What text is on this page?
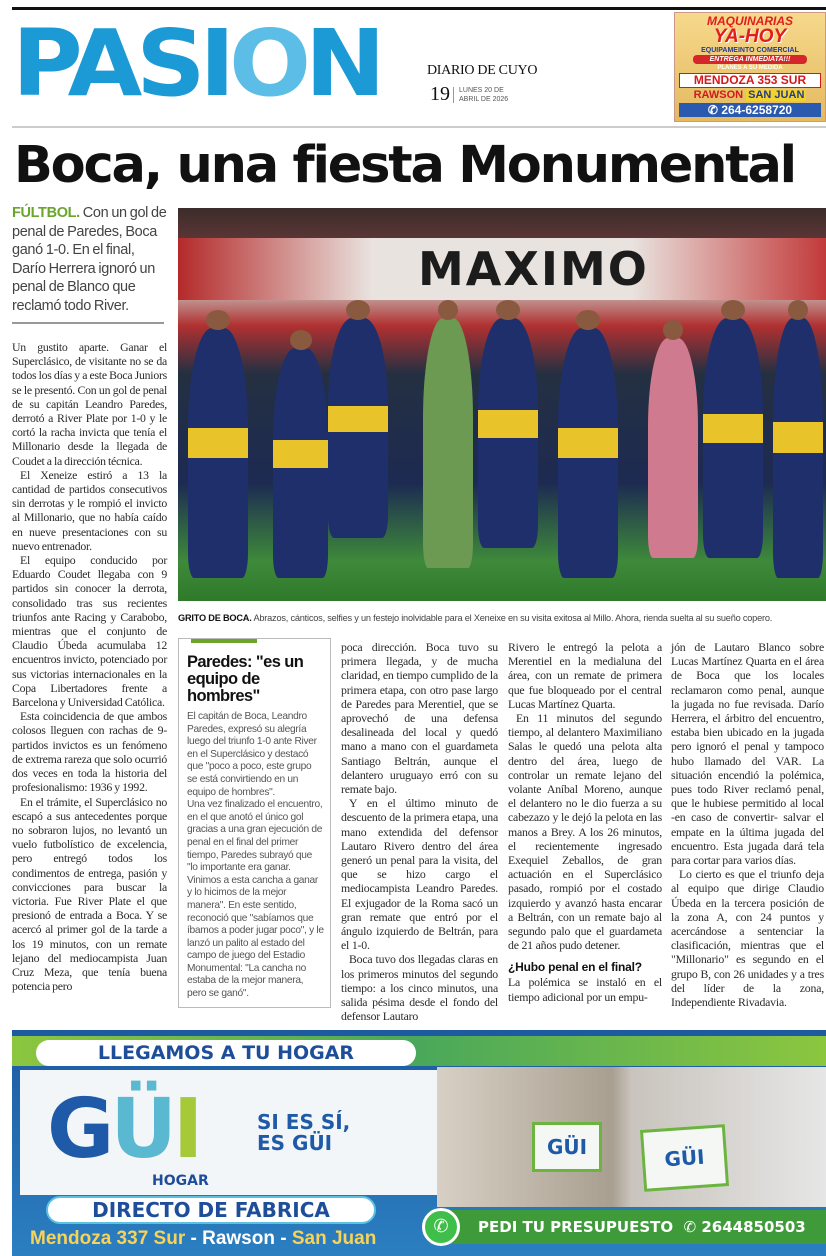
PASION	DIARIO DE CUYO
19 LUNES 20 DE ABRIL DE 2026
MAQUINARIAS
YA-HOY
EQUIPAMEINTO COMERCIAL
ENTREGA INMEDIATA!!!
PLANES A SU MEDIDA
MENDOZA 353 SUR
RAWSON SAN JUAN
✆ 264-6258720
Boca, una fiesta Monumental
FÚLTBOL. Con un gol de penal de Paredes, Boca ganó 1-0. En el final, Darío Herrera ignoró un penal de Blanco que reclamó todo River.

Un gustito aparte. Ganar el Superclásico, de visitante no se da todos los días y a este Boca Juniors se le presentó. Con un gol de penal de su capitán Leandro Paredes, derrotó a River Plate por 1-0 y le cortó la racha invicta que tenía el Millonario desde la llegada de Coudet a la dirección técnica.

El Xeneize estiró a 13 la cantidad de partidos consecutivos sin derrotas y le rompió el invicto al Millonario, que no había caído en nueve presentaciones con su nuevo entrenador.

El equipo conducido por Eduardo Coudet llegaba con 9 partidos sin conocer la derrota, consolidado tras sus recientes triunfos ante Racing y Carabobo, mientras que el conjunto de Claudio Úbeda acumulaba 12 encuentros invicto, potenciado por sus victorias internacionales en la Copa Libertadores frente a Barcelona y Universidad Católica.

Esta coincidencia de que ambos colosos lleguen con rachas de 9- partidos invictos es un fenómeno de extrema rareza que solo ocurrió dos veces en toda la historia del profesionalismo: 1936 y 1992.

En el trámite, el Superclásico no escapó a sus antecedentes porque no sobraron lujos, no levantó un vuelo futbolístico de excelencia, pero entregó todos los condimentos de entrega, pasión y convicciones para buscar la victoria. Fue River Plate el que presionó de entrada a Boca. Y se acercó al primer gol de la tarde a los 19 minutos, con un remate lejano del mediocampista Juan Cruz Meza, que tenía buena potencia pero

MAXIMO
GRITO DE BOCA. Abrazos, cánticos, selfies y un festejo inolvidable para el Xeneixe en su visita exitosa al Millo. Ahora, rienda suelta al su sueño copero.
Paredes: "es un equipo de hombres"
El capitán de Boca, Leandro Paredes, expresó su alegría luego del triunfo 1-0 ante River en el Superclásico y destacó que "poco a poco, este grupo se está convirtiendo en un equipo de hombres".
Una vez finalizado el encuentro, en el que anotó el único gol gracias a una gran ejecución de penal en el final del primer tiempo, Paredes subrayó que "lo importante era ganar. Vinimos a esta cancha a ganar y lo hicimos de la mejor manera". En este sentido, reconoció que "sabíamos que íbamos a poder jugar poco", y le lanzó un palito al estado del campo de juego del Estadio Monumental: "La cancha no estaba de la mejor manera, pero se ganó".

poca dirección. Boca tuvo su primera llegada, y de mucha claridad, en tiempo cumplido de la primera etapa, con otro pase largo de Paredes para Merentiel, que se aprovechó de una defensa desalineada del local y quedó mano a mano con el guardameta Santiago Beltrán, aunque el delantero uruguayo erró con su remate bajo.

Y en el último minuto de descuento de la primera etapa, una mano extendida del defensor Lautaro Rivero dentro del área generó un penal para la visita, del que se hizo cargo el mediocampista Leandro Paredes. El exjugador de la Roma sacó un gran remate que entró por el ángulo izquierdo de Beltrán, para el 1-0.

Boca tuvo dos llegadas claras en los primeros minutos del segundo tiempo: a los cinco minutos, una salida pésima desde el fondo del defensor Lautaro

Rivero le entregó la pelota a Merentiel en la medialuna del área, con un remate de primera que fue bloqueado por el central Lucas Martínez Quarta.

En 11 minutos del segundo tiempo, al delantero Maximiliano Salas le quedó una pelota alta dentro del área, luego de controlar un remate lejano del volante Aníbal Moreno, aunque el delantero no le dio fuerza a su cabezazo y le dejó la pelota en las manos a Brey. A los 26 minutos, el recientemente ingresado Exequiel Zeballos, de gran actuación en el Superclásico pasado, rompió por el costado izquierdo y avanzó hasta encarar a Beltrán, con un remate bajo al segundo palo que el guardameta de 21 años pudo detener.

¿Hubo penal en el final?

La polémica se instaló en el tiempo adicional por un empu-

jón de Lautaro Blanco sobre Lucas Martínez Quarta en el área de Boca que los locales reclamaron como penal, aunque la jugada no fue revisada. Darío Herrera, el árbitro del encuentro, estaba bien ubicado en la jugada pero ignoró el penal y tampoco hubo llamado del VAR. La situación encendió la polémica, pues todo River reclamó penal, que le hubiese permitido al local -en caso de convertir- salvar el empate en la última jugada del encuentro. Esta jugada dará tela para cortar para varios días.

Lo cierto es que el triunfo deja al equipo que dirige Claudio Úbeda en la tercera posición de la zona A, con 24 puntos y acercándose a sentenciar la clasificación, mientras que el "Millonario" es segundo en el grupo B, con 26 unidades y a tres del líder de la zona, Independiente Rivadavia.

LLEGAMOS A TU HOGAR
GÜI
HOGAR
SI ES SÍ,
ES GÜI
DIRECTO DE FABRICA
Mendoza 337 Sur - Rawson - San Juan
GÜI	GÜI
PEDI TU PRESUPUESTO ✆ 2644850503
✆
